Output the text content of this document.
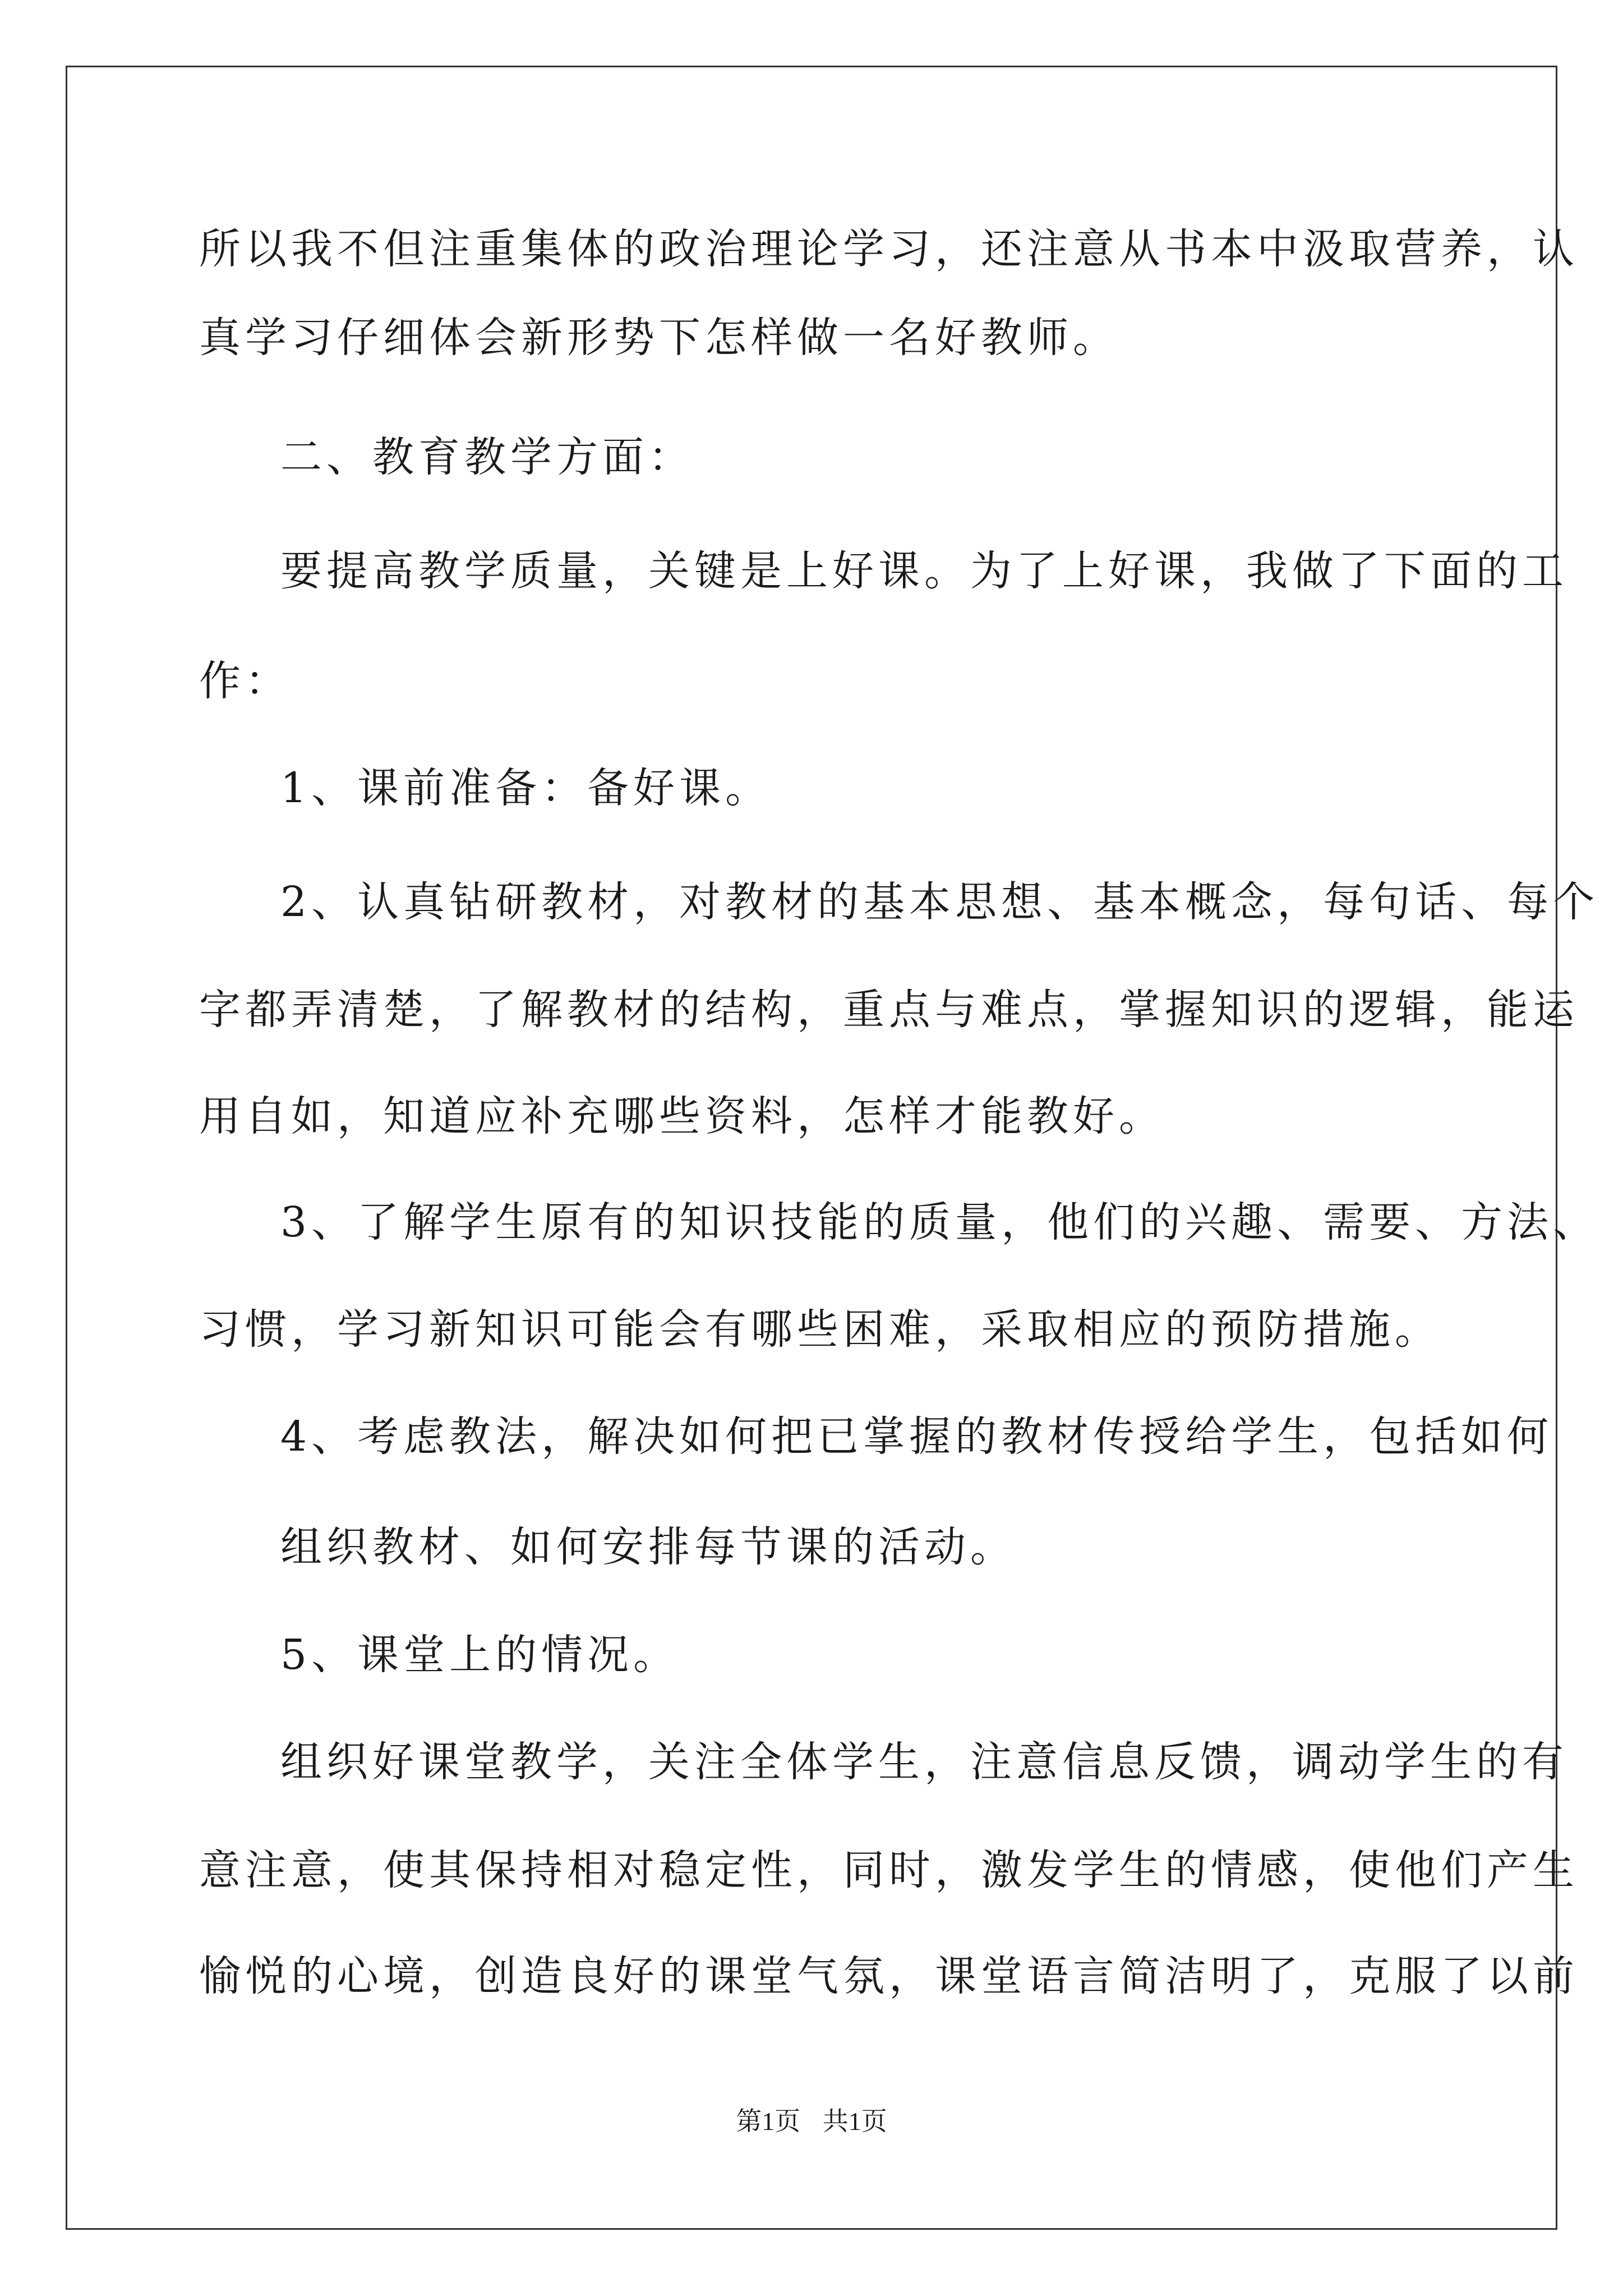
所以我不但注重集体的政治理论学习，还注意从书本中汲取营养，认

真学习仔细体会新形势下怎样做一名好教师。

二、教育教学方面：

要提高教学质量，关键是上好课。为了上好课，我做了下面的工

作：

1、课前准备：备好课。

2、认真钻研教材，对教材的基本思想、基本概念，每句话、每个

字都弄清楚，了解教材的结构，重点与难点，掌握知识的逻辑，能运

用自如，知道应补充哪些资料，怎样才能教好。

3、了解学生原有的知识技能的质量，他们的兴趣、需要、方法、

习惯，学习新知识可能会有哪些困难，采取相应的预防措施。

4、考虑教法，解决如何把已掌握的教材传授给学生，包括如何

组织教材、如何安排每节课的活动。

5、课堂上的情况。

组织好课堂教学，关注全体学生，注意信息反馈，调动学生的有

意注意，使其保持相对稳定性，同时，激发学生的情感，使他们产生

愉悦的心境，创造良好的课堂气氛，课堂语言简洁明了，克服了以前

第1页 共1页
